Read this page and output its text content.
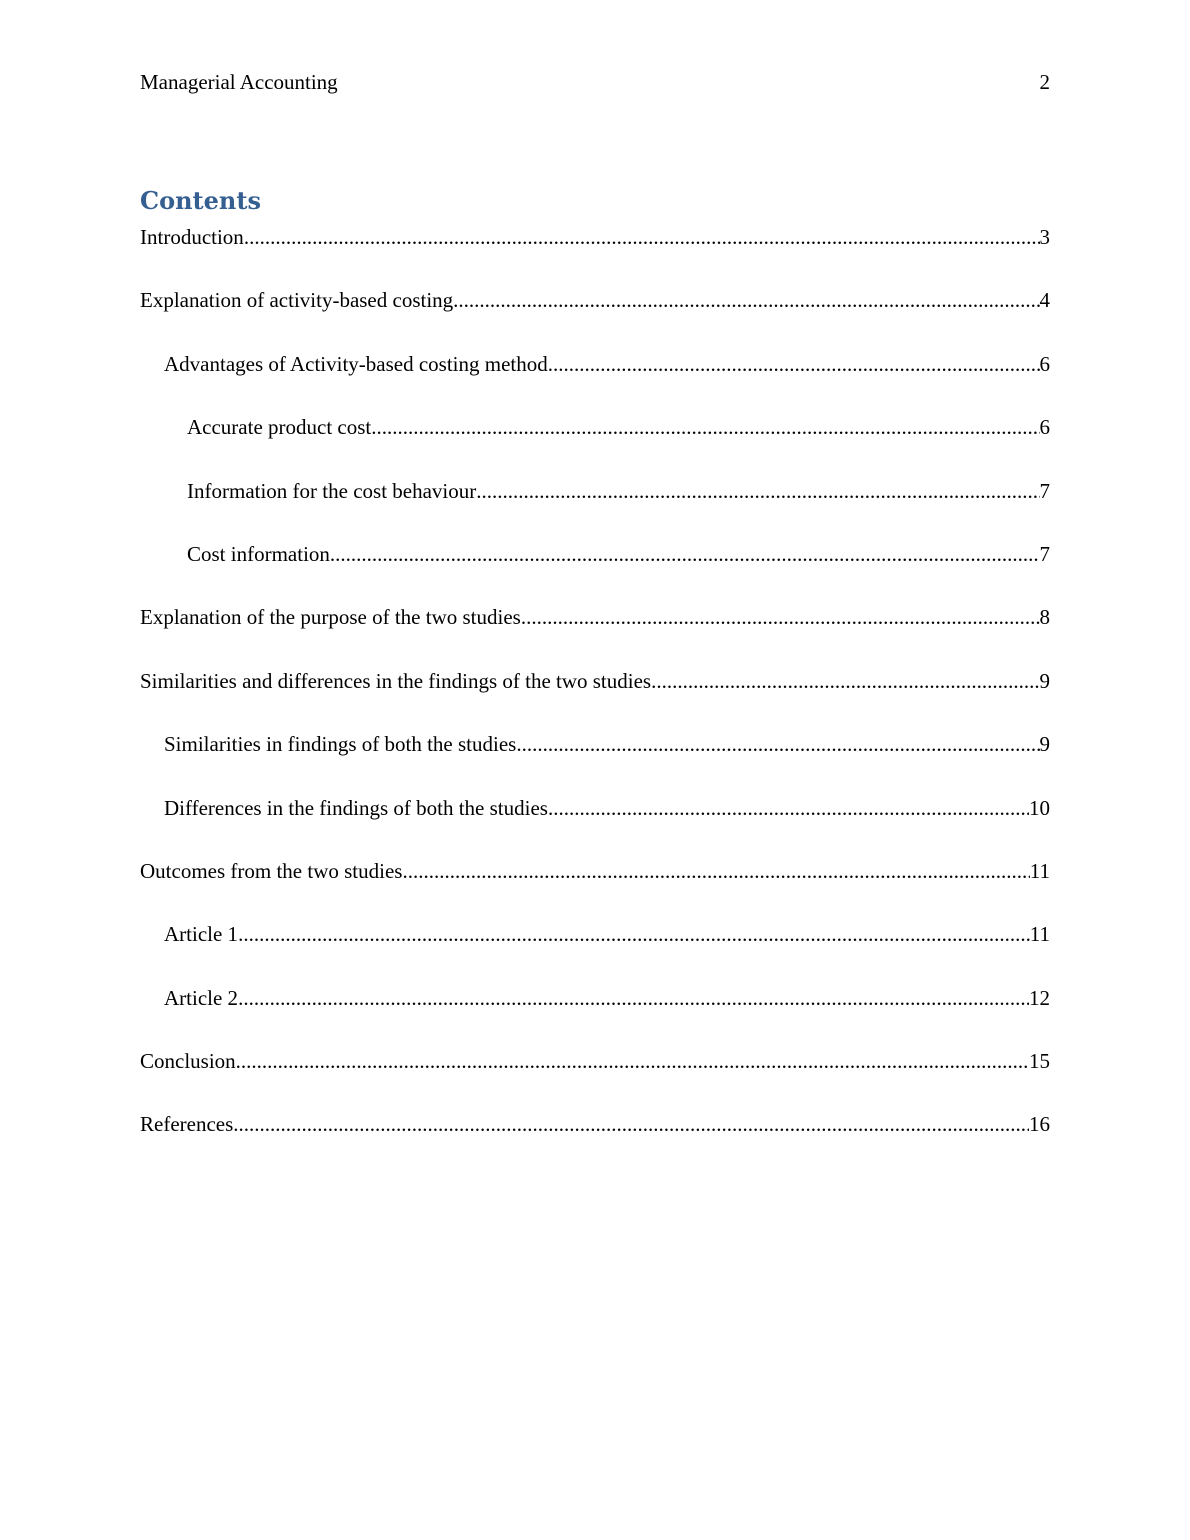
Managerial Accounting	2
Contents
Introduction .....	3
Explanation of activity-based costing .....	4
Advantages of Activity-based costing method .....	6
Accurate product cost .....	6
Information for the cost behaviour .....	7
Cost information .....	7
Explanation of the purpose of the two studies .....	8
Similarities and differences in the findings of the two studies .....	9
Similarities in findings of both the studies .....	9
Differences in the findings of both the studies .....	10
Outcomes from the two studies .....	11
Article 1 .....	11
Article 2 .....	12
Conclusion .....	15
References .....	16
